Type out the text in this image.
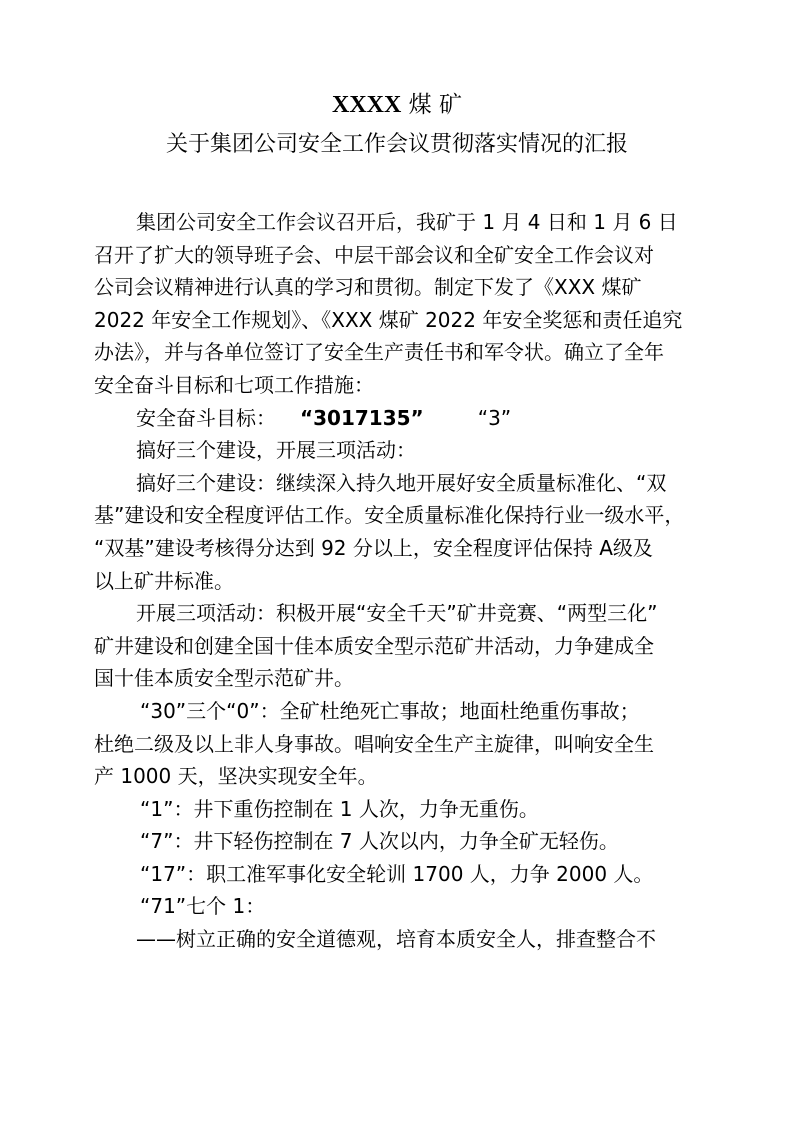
XXXX 煤 矿
关于集团公司安全工作会议贯彻落实情况的汇报
集团公司安全工作会议召开后，我矿于 1 月 4 日和 1 月 6 日
召开了扩大的领导班子会、中层干部会议和全矿安全工作会议对
公司会议精神进行认真的学习和贯彻。制定下发了《XXX 煤矿
2022 年安全工作规划》、《XXX 煤矿 2022 年安全奖惩和责任追究
办法》，并与各单位签订了安全生产责任书和军令状。确立了全年
安全奋斗目标和七项工作措施：
安全奋斗目标： “3017135”	“3”
搞好三个建设，开展三项活动：
搞好三个建设：继续深入持久地开展好安全质量标准化、“双
基”建设和安全程度评估工作。安全质量标准化保持行业一级水平，
“双基”建设考核得分达到 92 分以上，安全程度评估保持 A级及
以上矿井标准。
开展三项活动：积极开展“安全千天”矿井竞赛、“两型三化”
矿井建设和创建全国十佳本质安全型示范矿井活动，力争建成全
国十佳本质安全型示范矿井。
“30”三个“0”：全矿杜绝死亡事故；地面杜绝重伤事故；
杜绝二级及以上非人身事故。唱响安全生产主旋律，叫响安全生
产 1000 天，坚决实现安全年。
“1”：井下重伤控制在 1 人次，力争无重伤。
“7”：井下轻伤控制在 7 人次以内，力争全矿无轻伤。
“17”：职工准军事化安全轮训 1700 人，力争 2000 人。
“71”七个 1：
——树立正确的安全道德观，培育本质安全人，排查整合不
